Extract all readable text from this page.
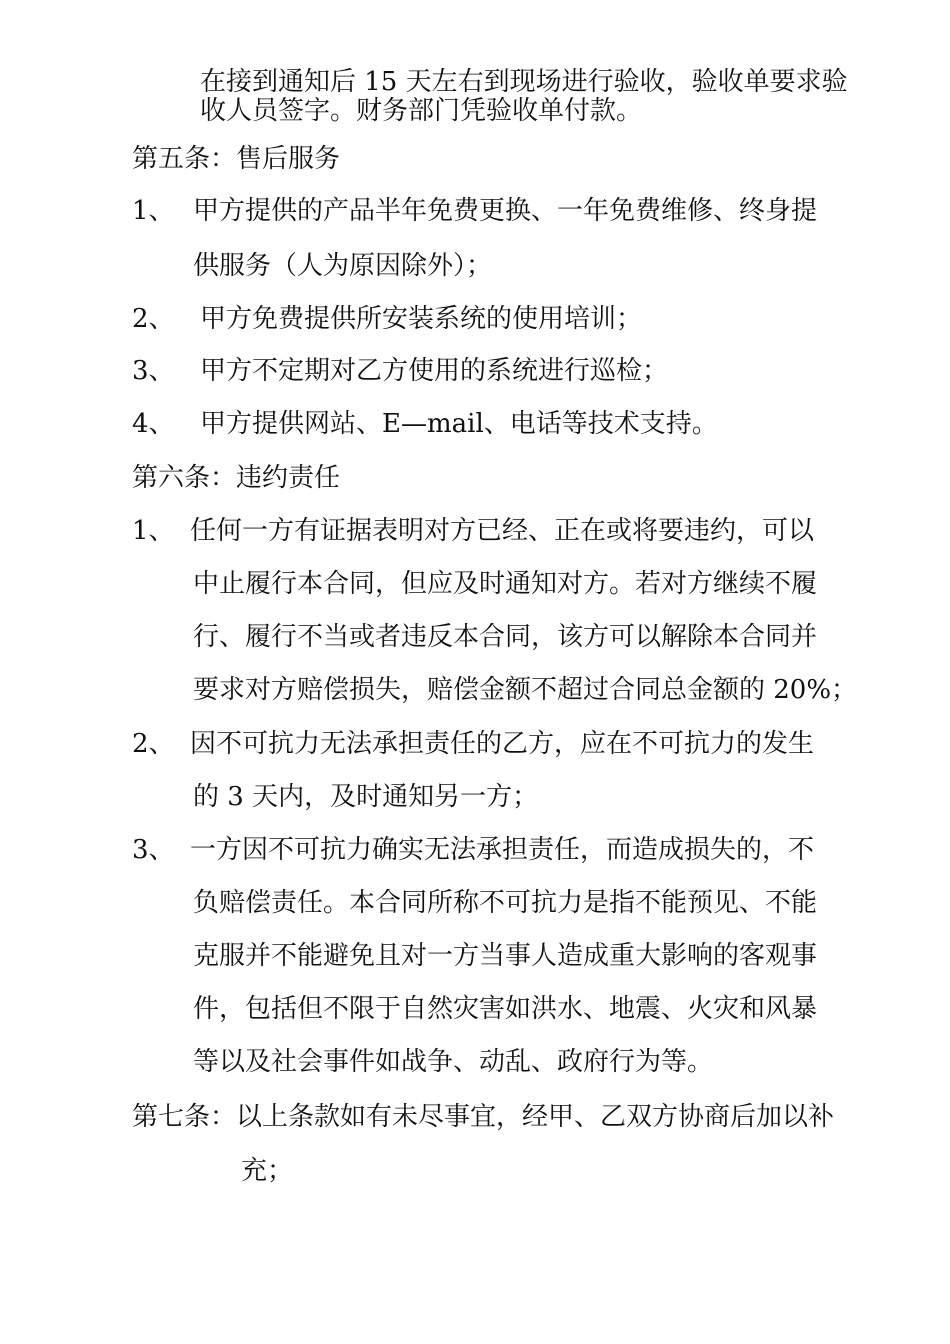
在接到通知后 15 天左右到现场进行验收，验收单要求验
收人员签字。财务部门凭验收单付款。
第五条：售后服务
1、 甲方提供的产品半年免费更换、一年免费维修、终身提
供服务（人为原因除外）；
2、 甲方免费提供所安装系统的使用培训；
3、 甲方不定期对乙方使用的系统进行巡检；
4、 甲方提供网站、E—mail、电话等技术支持。
第六条：违约责任
1、 任何一方有证据表明对方已经、正在或将要违约，可以
中止履行本合同，但应及时通知对方。若对方继续不履
行、履行不当或者违反本合同，该方可以解除本合同并
要求对方赔偿损失，赔偿金额不超过合同总金额的 20%；
2、 因不可抗力无法承担责任的乙方，应在不可抗力的发生
的 3 天内，及时通知另一方；
3、 一方因不可抗力确实无法承担责任，而造成损失的，不
负赔偿责任。本合同所称不可抗力是指不能预见、不能
克服并不能避免且对一方当事人造成重大影响的客观事
件，包括但不限于自然灾害如洪水、地震、火灾和风暴
等以及社会事件如战争、动乱、政府行为等。
第七条： 以上条款如有未尽事宜，经甲、乙双方协商后加以补
充；
